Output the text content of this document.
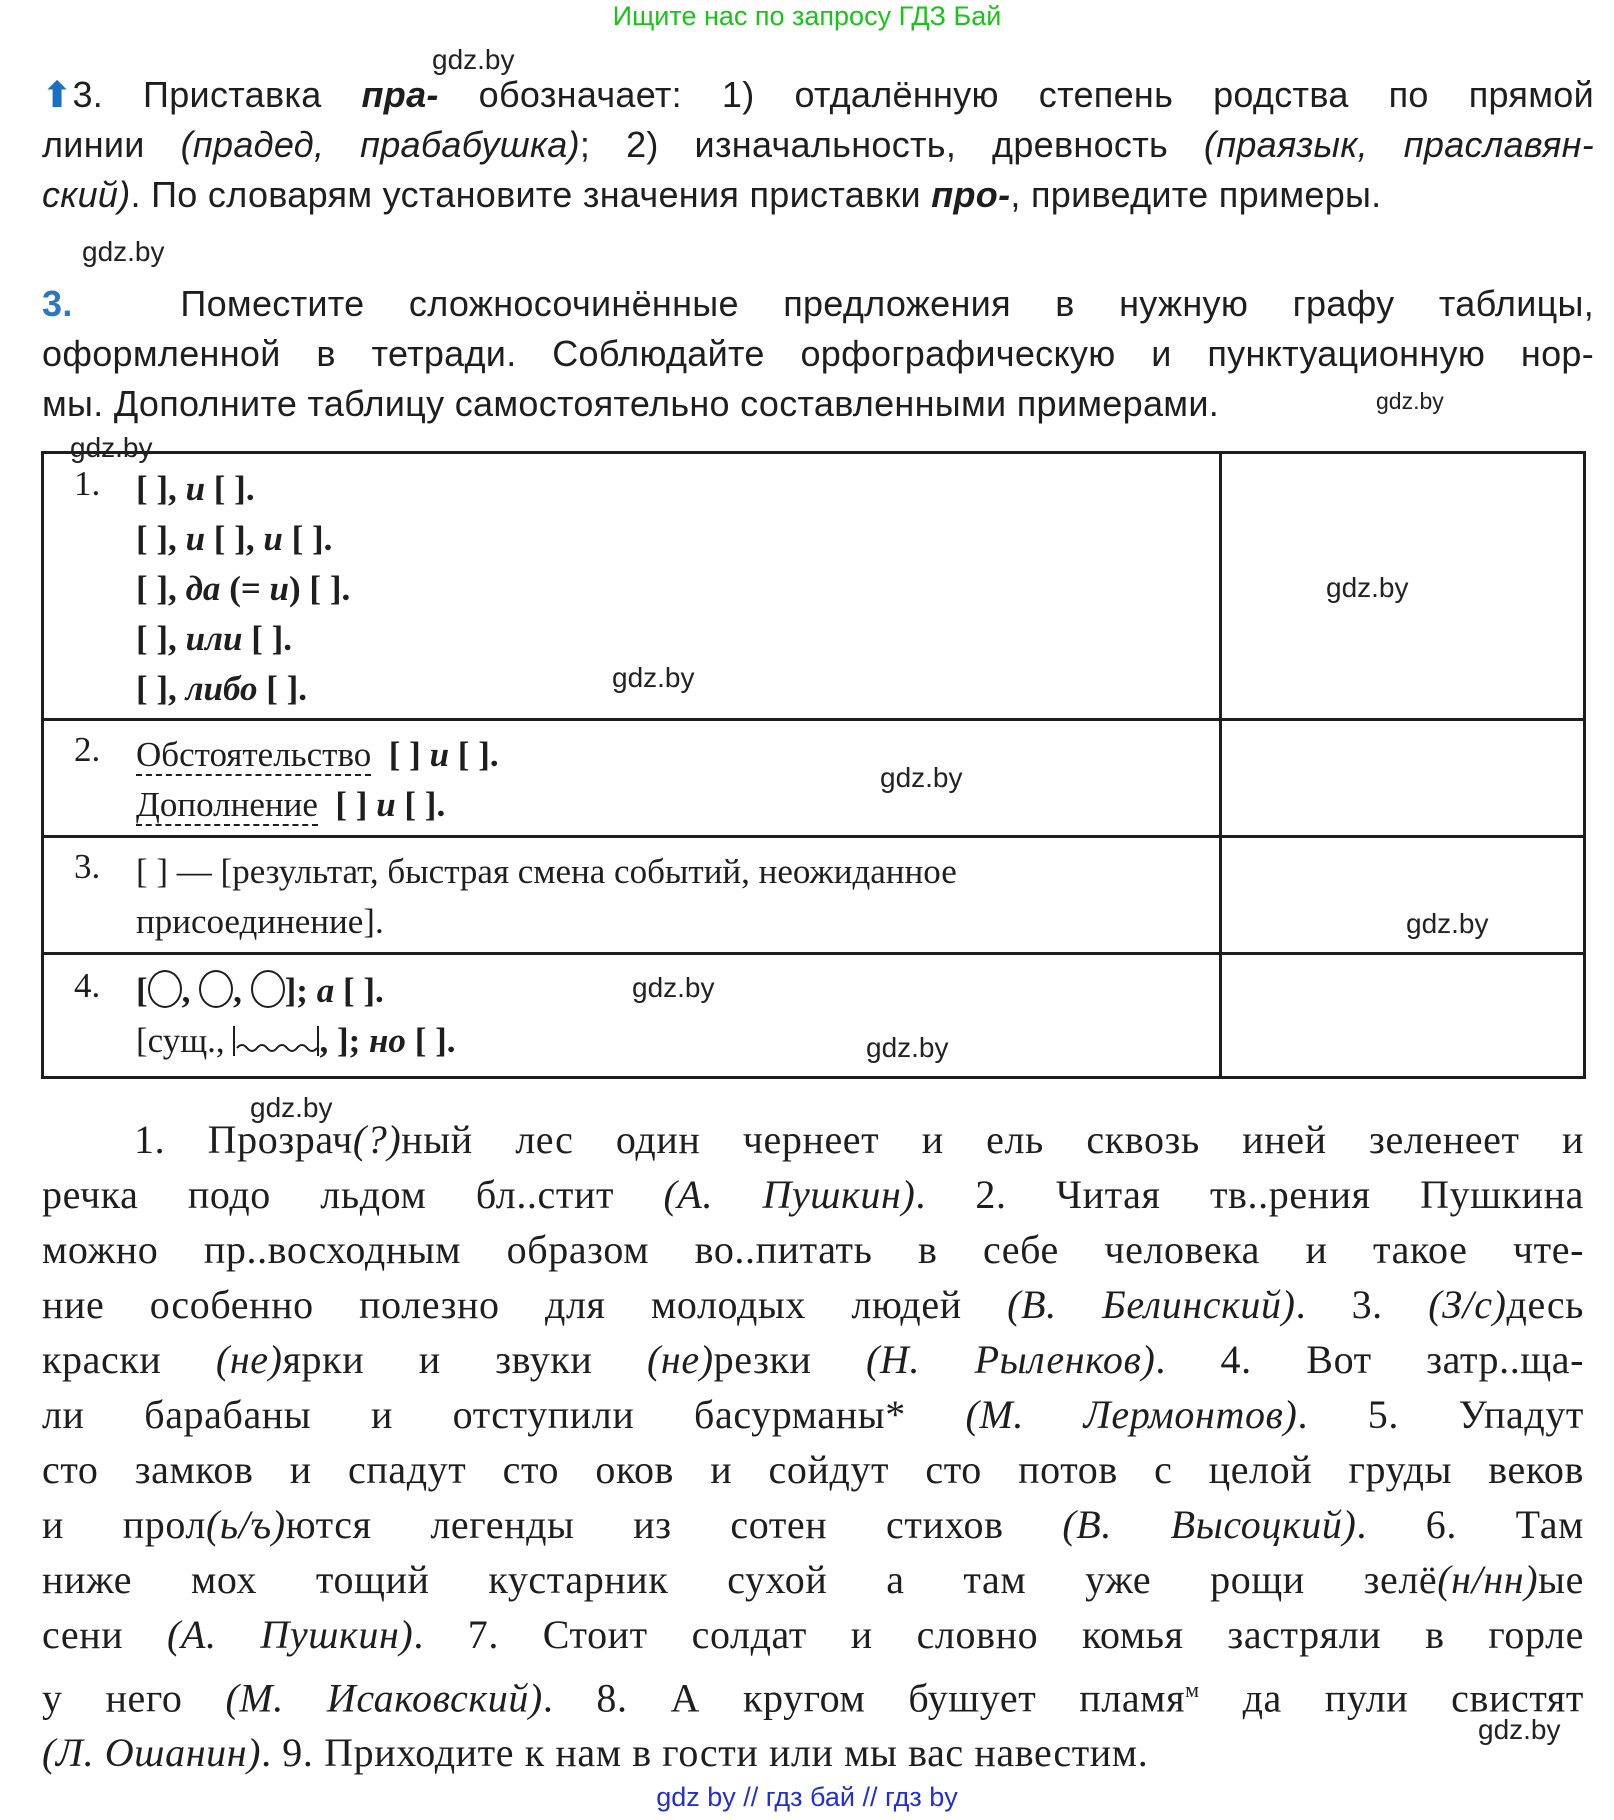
Ищите нас по запросу ГДЗ Бай
gdz.by
gdz.by
gdz.by
gdz.by
gdz.by
gdz.by
gdz.by
gdz.by
gdz.by
gdz.by
gdz.by
gdz.by
⬆3. Приставка пра- обозначает: 1) отдалённую степень родства по прямой
линии (прадед, прабабушка); 2) изначальность, древность (праязык, праславян-
ский). По словарям установите значения приставки про-, приведите примеры.
3.	Поместите сложносочинённые предложения в нужную графу таблицы,
оформленной в тетради. Соблюдайте орфографическую и пунктуационную нор-
мы. Дополните таблицу самостоятельно составленными примерами.
1. [ ], и [ ].
[ ], и [ ], и [ ].
[ ], да (= и) [ ].
[ ], или [ ].
[ ], либо [ ].
2. Обстоятельство [ ] и [ ].
Дополнение [ ] и [ ].
3. [ ] — [результат, быстрая смена событий, неожиданное
присоединение].
4. [ , , ]; а [ ].
[сущ.,
, ]; но [ ].
1. Прозрач(?)ный лес один чернеет и ель сквозь иней зеленеет и
речка подо льдом бл..стит (А. Пушкин). 2. Читая тв..рения Пушкина
можно пр..восходным образом во..питать в себе человека и такое чте-
ние особенно полезно для молодых людей (В. Белинский). 3. (З/с)десь
краски (не)ярки и звуки (не)резки (Н. Рыленков). 4. Вот затр..ща-
ли барабаны и отступили басурманы* (М. Лермонтов). 5. Упадут
сто замков и спадут сто оков и сойдут сто потов с целой груды веков
и прол(ь/ъ)ются легенды из сотен стихов (В. Высоцкий). 6. Там
ниже мох тощий кустарник сухой а там уже рощи зелё(н/нн)ые
сени (А. Пушкин). 7. Стоит солдат и словно комья застряли в горле
у него (М. Исаковский). 8. А кругом бушует пламя$^м$ да пули свистят
(Л. Ошанин). 9. Приходите к нам в гости или мы вас навестим.
gdz by // гдз бай // гдз by
